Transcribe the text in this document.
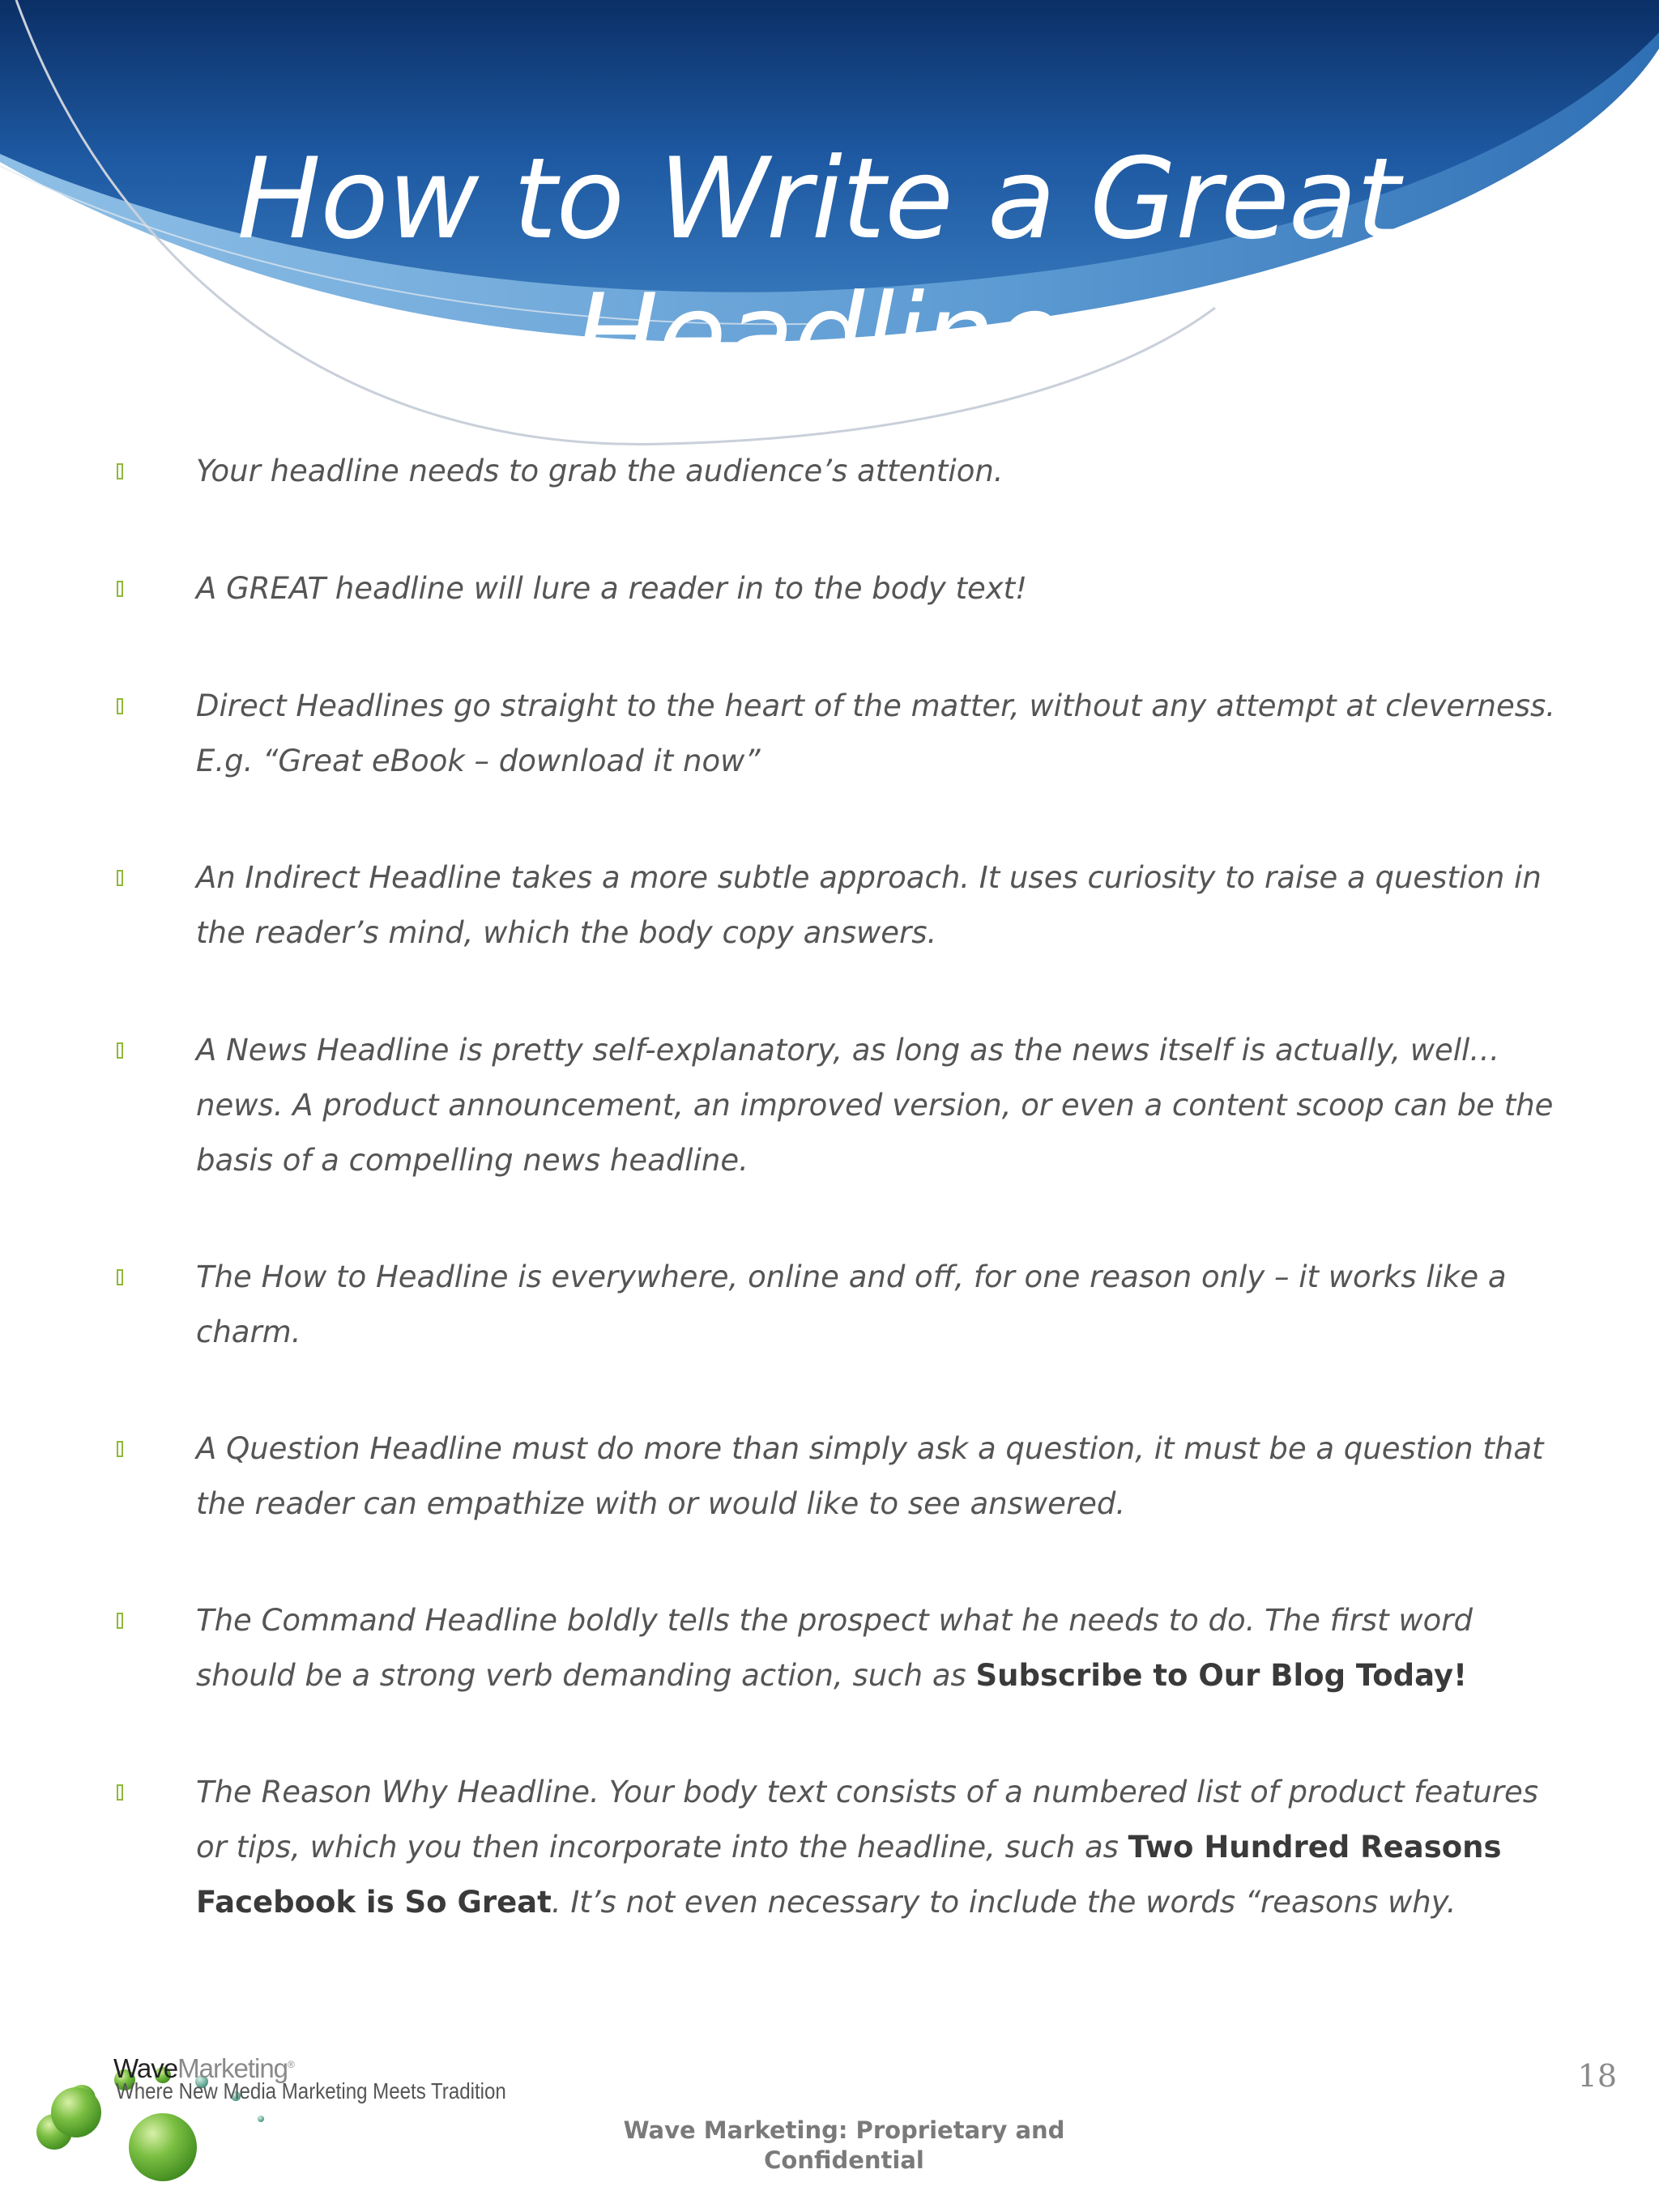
How to Write a Great
Headline
Your headline needs to grab the audience’s attention.
A GREAT headline will lure a reader in to the body text!
Direct Headlines go straight to the heart of the matter, without any attempt at cleverness. E.g. “Great eBook – download it now”
An Indirect Headline takes a more subtle approach. It uses curiosity to raise a question in the reader’s mind, which the body copy answers.
A News Headline is pretty self-explanatory, as long as the news itself is actually, well… news. A product announcement, an improved version, or even a content scoop can be the basis of a compelling news headline.
The How to Headline is everywhere, online and off, for one reason only – it works like a charm.
A Question Headline must do more than simply ask a question, it must be a question that the reader can empathize with or would like to see answered.
The Command Headline boldly tells the prospect what he needs to do. The first word should be a strong verb demanding action, such as Subscribe to Our Blog Today!
The Reason Why Headline. Your body text consists of a numbered list of product features or tips, which you then incorporate into the headline, such as Two Hundred Reasons Facebook is So Great. It’s not even necessary to include the words “reasons why.
WaveMarketing®
Where New Media Marketing Meets Tradition	18
Wave Marketing: Proprietary and
Confidential
